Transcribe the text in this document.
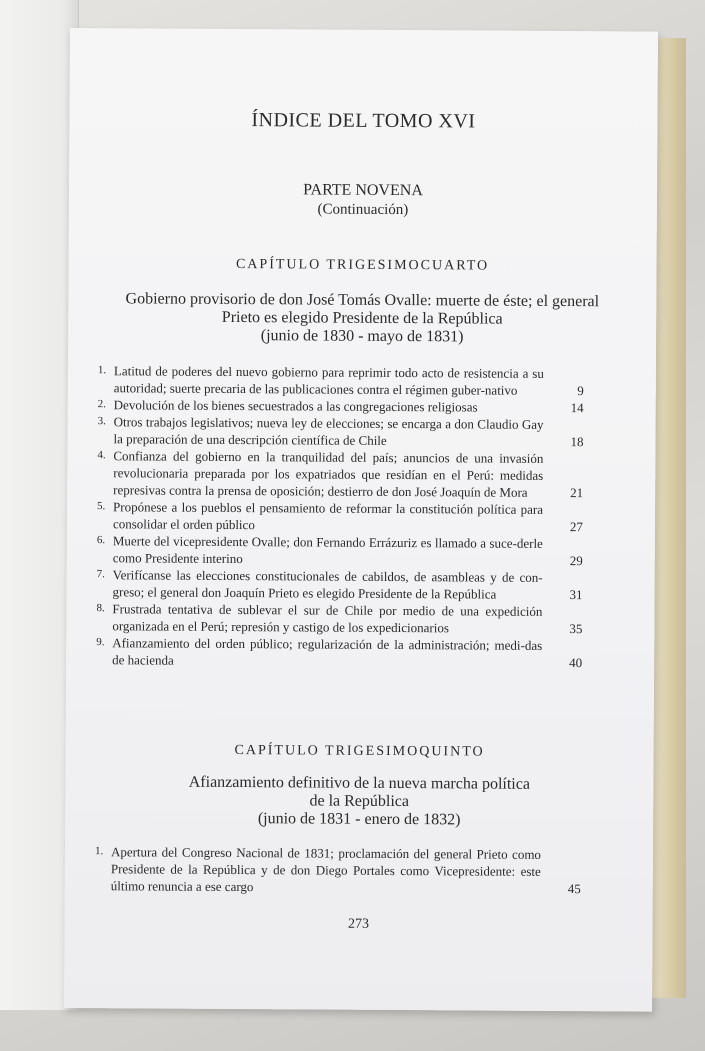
ÍNDICE DEL TOMO XVI
PARTE NOVENA
(Continuación)
CAPÍTULO TRIGESIMOCUARTO
Gobierno provisorio de don José Tomás Ovalle: muerte de éste; el general
Prieto es elegido Presidente de la República
(junio de 1830 - mayo de 1831)
1. Latitud de poderes del nuevo gobierno para reprimir todo acto de resistencia a su autoridad; suerte precaria de las publicaciones contra el régimen guber-nativo	9
2. Devolución de los bienes secuestrados a las congregaciones religiosas	14
3. Otros trabajos legislativos; nueva ley de elecciones; se encarga a don Claudio Gay la preparación de una descripción científica de Chile	18
4. Confianza del gobierno en la tranquilidad del país; anuncios de una invasión revolucionaria preparada por los expatriados que residían en el Perú: medidas represivas contra la prensa de oposición; destierro de don José Joaquín de Mora	21
5. Propónese a los pueblos el pensamiento de reformar la constitución política para consolidar el orden público	27
6. Muerte del vicepresidente Ovalle; don Fernando Errázuriz es llamado a suce-derle como Presidente interino	29
7. Verifícanse las elecciones constitucionales de cabildos, de asambleas y de con-greso; el general don Joaquín Prieto es elegido Presidente de la República	31
8. Frustrada tentativa de sublevar el sur de Chile por medio de una expedición organizada en el Perú; represión y castigo de los expedicionarios	35
9. Afianzamiento del orden público; regularización de la administración; medi-das de hacienda	40
CAPÍTULO TRIGESIMOQUINTO
Afianzamiento definitivo de la nueva marcha política
de la República
(junio de 1831 - enero de 1832)
1. Apertura del Congreso Nacional de 1831; proclamación del general Prieto como Presidente de la República y de don Diego Portales como Vicepresidente: este último renuncia a ese cargo	45
273
